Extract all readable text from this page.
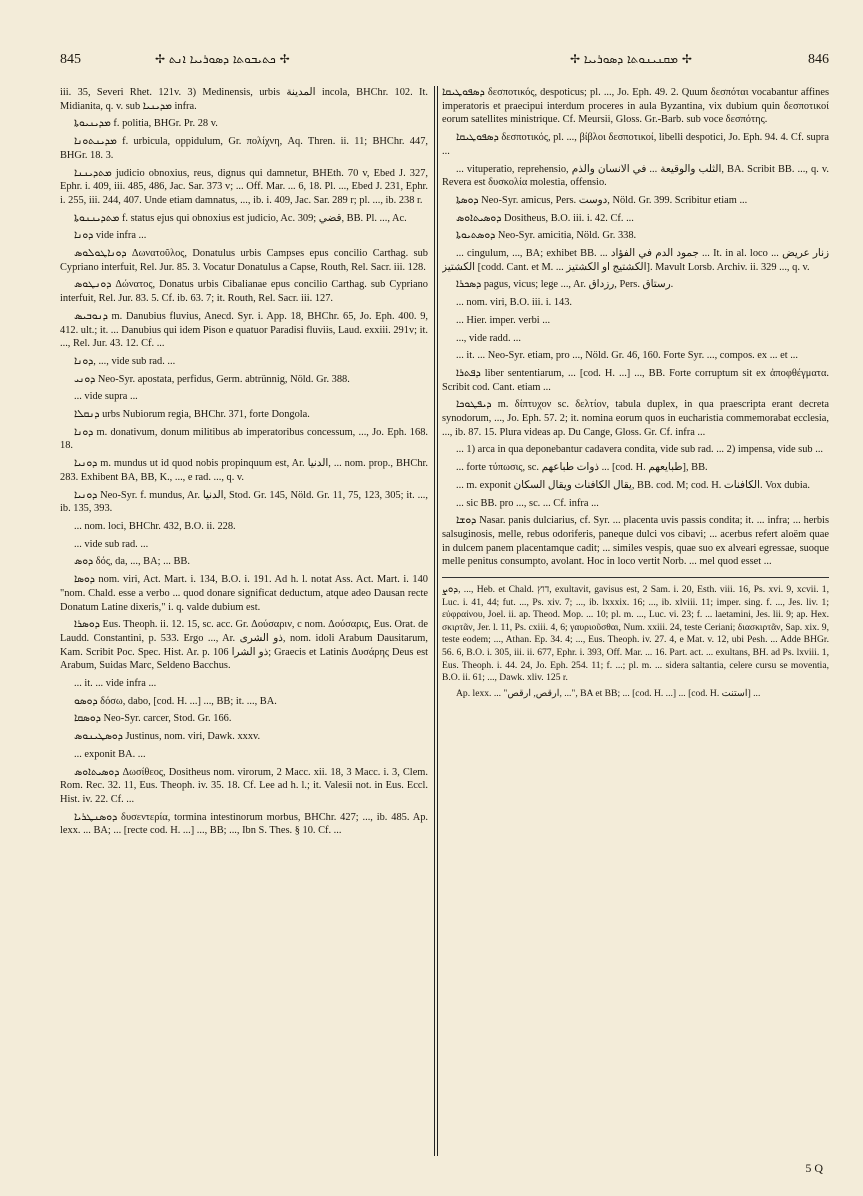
845	✢ ܟܬܝܒܘܬܐ ܕܣܘܪܝܝܐ ܐܢܬ ✢	✢ ܡܩܢܝܢܘܬܐ ܕܣܘܪܝܝܐ ✢	846

iii. 35, Severi Rhet. 121v. 3) Medinensis, urbis المدينة incola, BHChr. 102. It. Midianita, q. v. sub ܡܕܝܢܝܐ infra.

ܡܕܝܢܝܘܬܐ f. politia, BHGr. Pr. 28 v.

ܡܕܝܢܬܘܢܐ f. urbicula, oppidulum, Gr. πολίχνη, Aq. Thren. ii. 11; BHChr. 447, BHGr. 18. 3.

ܡܬܕܝܢܢܐ judicio obnoxius, reus, dignus qui damnetur, BHEth. 70 v, Ebed J. 327, Ephr. i. 409, iii. 485, 486, Jac. Sar. 373 v; ... Off. Mar. ... 6, 18. Pl. ..., Ebed J. 231, Ephr. i. 255, iii. 244, 407. Unde etiam damnatus, ..., ib. i. 409, Jac. Sar. 289 r; pl. ..., ib. 238 r.

ܡܬܕܝܢܢܘܬܐ f. status ejus qui obnoxius est judicio, Ac. 309; قضي, BB. Pl. ..., Ac.

ܕܘܢܐ vide infra ...

ܕܘܢܐܛܘܠܘܣ Δωνατοῦλος, Donatulus urbis Campses epus concilio Carthag. sub Cypriano interfuit, Rel. Jur. 85. 3. Vocatur Donatulus a Capse, Routh, Rel. Sacr. iii. 128.

ܕܘܢܛܘܣ Δώνατος, Donatus urbis Cibalianae epus concilio Carthag. sub Cypriano interfuit, Rel. Jur. 83. 5. Cf. ib. 63. 7; it. Routh, Rel. Sacr. iii. 127.

ܕܢܘܒܝܣ m. Danubius fluvius, Anecd. Syr. i. App. 18, BHChr. 65, Jo. Eph. 400. 9, 412. ult.; it. ... Danubius qui idem Pison e quatuor Paradisi fluviis, Laud. exxiii. 291v; it. ..., Rel. Jur. 43. 12. Cf. ...

ܕܘܢܐ, ..., vide sub rad. ...

ܕܘܢܝ Neo-Syr. apostata, perfidus, Germ. abtrünnig, Nöld. Gr. 388.

... vide supra ...

ܕܢܩܠܐ urbs Nubiorum regia, BHChr. 371, forte Dongola.

ܕܘܢܐ m. donativum, donum militibus ab imperatoribus concessum, ..., Jo. Eph. 168. 18.

ܕܘܢܝܐ m. mundus ut id quod nobis propinquum est, Ar. الدنيا, ... nom. prop., BHChr. 283. Exhibent BA, BB, K., ..., e rad. ..., q. v.

ܕܘܢܝܐ Neo-Syr. f. mundus, Ar. الدنيا, Stod. Gr. 145, Nöld. Gr. 11, 75, 123, 305; it. ..., ib. 135, 393.

... nom. loci, BHChr. 432, B.O. ii. 228.

... vide sub rad. ...

ܕܘܣ δός, da, ..., BA; ... BB.

ܕܘܣܐ nom. viri, Act. Mart. i. 134, B.O. i. 191. Ad h. l. notat Ass. Act. Mart. i. 140 "nom. Chald. esse a verbo ... quod donare significat deductum, atque adeo Dausan recte Donatum Latine dixeris," i. q. valde dubium est.

ܕܘܣܪܐ Eus. Theoph. ii. 12. 15, sc. acc. Gr. Δούσαριν, c nom. Δούσαρις, Eus. Orat. de Laudd. Constantini, p. 533. Ergo ..., Ar. ذو الشرى, nom. idoli Arabum Dausitarum, Kam. Scribit Poc. Spec. Hist. Ar. p. 106 ذو الشرا; Graecis et Latinis Δυσάρης Deus est Arabum, Suidas Marc, Seldeno Bacchus.

... it. ... vide infra ...

ܕܘܣܘ δόσω, dabo, [cod. H. ...] ..., BB; it. ..., BA.

ܕܘܣܩܐ Neo-Syr. carcer, Stod. Gr. 166.

ܕܘܣܛܝܢܘܣ Justinus, nom. viri, Dawk. xxxv.

... exponit BA. ...

ܕܘܣܝܬܐܘܣ Δωσίθεος, Dositheus nom. virorum, 2 Macc. xii. 18, 3 Macc. i. 3, Clem. Rom. Rec. 32. 11, Eus. Theoph. iv. 35. 18. Cf. Lee ad h. l.; it. Valesii not. in Eus. Eccl. Hist. iv. 22. Cf. ...

ܕܘܣܢܛܪܝܐ δυσεντερία, tormina intestinorum morbus, BHChr. 427; ..., ib. 485. Ap. lexx. ... BA; ... [recte cod. H. ...] ..., BB; ..., Ibn S. Thes. § 10. Cf. ...

ܕܣܦܘܛܝܩܐ δεσποτικός, despoticus; pl. ..., Jo. Eph. 49. 2. Quum δεσπόται vocabantur affines imperatoris et praecipui interdum proceres in aula Byzantina, vix dubium quin δεσποτικοί eorum satellites ministrique. Cf. Meursii, Gloss. Gr.-Barb. sub voce δεσπότης.

ܕܣܦܘܛܝܩܐ δεσποτικός, pl. ..., βίβλοι δεσποτικοί, libelli despotici, Jo. Eph. 94. 4. Cf. supra ...

... vituperatio, reprehensio, الثلب والوقيعة ... في الانسان والذم, BA. Scribit BB. ..., q. v. Revera est δυσκολία molestia, offensio.

ܕܘܣܬܐ Neo-Syr. amicus, Pers. دوست, Nöld. Gr. 399. Scribitur etiam ...

ܕܘܣܝܬܐܘܣ Dositheus, B.O. iii. i. 42. Cf. ...

ܕܘܣܬܝܘܬܐ Neo-Syr. amicitia, Nöld. Gr. 338.

... cingulum, ..., BA; exhibet BB. ... جمود الدم في الفؤاد ... It. in al. loco ... زنار عريض الكشتيز [codd. Cant. et M. ... الكشتيج او الكشتيز]. Mavult Lorsb. Archiv. ii. 329 ..., q. v.

ܕܣܟܪܐ pagus, vicus; lege ..., Ar. رزداق, Pers. رستاق.

... nom. viri, B.O. iii. i. 143.

... Hier. imper. verbi ...

..., vide radd. ...

... it. ... Neo-Syr. etiam, pro ..., Nöld. Gr. 46, 160. Forte Syr. ..., compos. ex ... et ...

ܕܦܬܪܐ liber sententiarum, ... [cod. H. ...] ..., BB. Forte corruptum sit ex ἀποφθέγματα. Scribit cod. Cant. etiam ...

ܕܝܦܛܘܟܐ m. δίπτυχον sc. δελτίον, tabula duplex, in qua praescripta erant decreta synodorum, ..., Jo. Eph. 57. 2; it. nomina eorum quos in eucharistia commemorabat ecclesia, ..., ib. 87. 15. Plura videas ap. Du Cange, Gloss. Gr. Cf. infra ...

... 1) arca in qua deponebantur cadavera condita, vide sub rad. ... 2) impensa, vide sub ...

... forte τύπωσις, sc. ذوات طباعهم ... [cod. H. طبايعهم], BB.

... m. exponit يقال الكافنات ويقال السكان, BB. cod. M; cod. H. الكافنات. Vox dubia.

... sic BB. pro ..., sc. ... Cf. infra ...

ܕܘܫܐ Nasar. panis dulciarius, cf. Syr. ... placenta uvis passis condita; it. ... infra; ... herbis salsuginosis, melle, rebus odoriferis, paneque dulci vos cibavi; ... acerbus refert aloëm quae in dulcem panem placentamque cadit; ... similes vespis, quae suo ex alveari egressae, suoque melle penitus consumpto, avolant. Hoc in loco vertit Norb. ... mel quod esset ...

ܕܘܨ, ..., Heb. et Chald. דוץ, exultavit, gavisus est, 2 Sam. i. 20, Esth. viii. 16, Ps. xvi. 9, xcvii. 1, Luc. i. 41, 44; fut. ..., Ps. xiv. 7; ..., ib. lxxxix. 16; ..., ib. xlviii. 11; imper. sing. f. ..., Jes. liv. 1; εὐφραίνου, Joel. ii. ap. Theod. Mop. ... 10; pl. m. ..., Luc. vi. 23; f. ... laetamini, Jes. lii. 9; ap. Hex. σκιρτᾶν, Jer. l. 11, Ps. cxiii. 4, 6; γαυριοῦσθαι, Num. xxiii. 24, teste Ceriani; διασκιρτᾶν, Sap. xix. 9, teste eodem; ..., Athan. Ep. 34. 4; ..., Eus. Theoph. iv. 27. 4, e Mat. v. 12, ubi Pesh. ... Adde BHGr. 56. 6, B.O. i. 305, iii. ii. 677, Ephr. i. 393, Off. Mar. ... 16. Part. act. ... exultans, BH. ad Ps. lxviii. 1, Eus. Theoph. i. 44. 24, Jo. Eph. 254. 11; f. ...; pl. m. ... sidera saltantia, celere cursu se moventia, B.O. ii. 61; ..., Dawk. xliv. 125 r.

Ap. lexx. ... "ارقص, ارقص, ...", BA et BB; ... [cod. H. ...] ... [cod. H. استنت] ...

5 Q
